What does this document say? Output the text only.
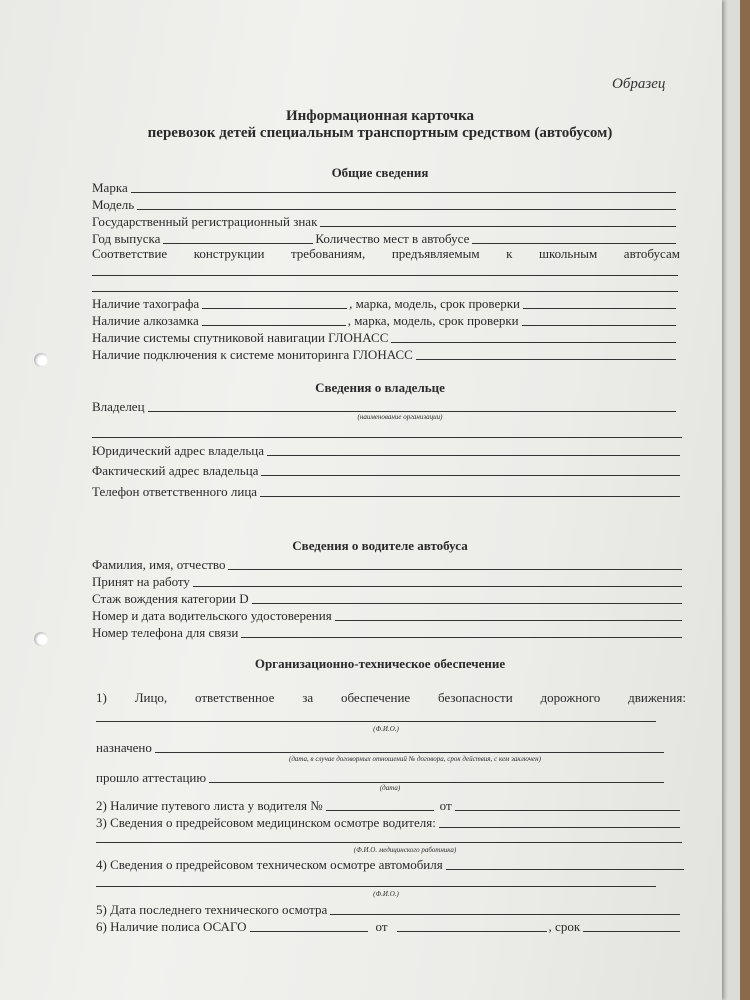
Образец
Информационная карточка
перевозок детей специальным транспортным средством (автобусом)
Общие сведения
Марка
Модель
Государственный регистрационный знак
Год выпуска	Количество мест в автобусе
Соответствие конструкции требованиям, предъявляемым к школьным автобусам
Наличие тахографа	, марка, модель, срок проверки
Наличие алкозамка	, марка, модель, срок проверки
Наличие системы спутниковой навигации ГЛОНАСС
Наличие подключения к системе мониторинга ГЛОНАСС
Сведения о владельце
Владелец
(наименование организации)
Юридический адрес владельца
Фактический адрес владельца
Телефон ответственного лица
Сведения о водителе автобуса
Фамилия, имя, отчество
Принят на работу
Стаж вождения категории D
Номер и дата водительского удостоверения
Номер телефона для связи
Организационно-техническое обеспечение
1) Лицо, ответственное за обеспечение безопасности дорожного движения:
(Ф.И.О.)
назначено
(дата, в случае договорных отношений № договора, срок действия, с кем заключен)
прошло аттестацию
(дата)
2) Наличие путевого листа у водителя №	от
3) Сведения о предрейсовом медицинском осмотре водителя:
(Ф.И.О. медицинского работника)
4) Сведения о предрейсовом техническом осмотре автомобиля
(Ф.И.О.)
5) Дата последнего технического осмотра
6) Наличие полиса ОСАГО	от	, срок
